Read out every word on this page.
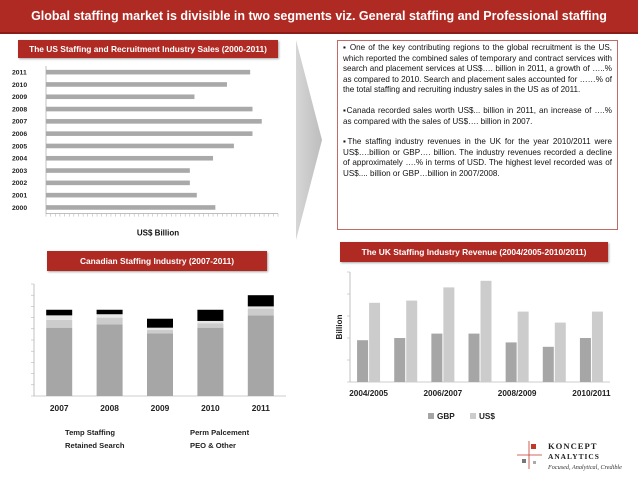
Global staffing market is divisible in two segments viz. General staffing and Professional staffing
The US Staffing and Recruitment Industry Sales (2000-2011)
2011
2010
2009
2008
2007
2006
2005
2004
2003
2002
2001
2000
US$ Billion

▪ One of the key contributing regions to the global recruitment is the US, which reported the combined sales of temporary and contract services with search and placement services at US$…. billion in 2011, a growth of …..% as compared to 2010. Search and placement sales accounted for ……% of the total staffing and recruiting industry sales in the US as of 2011.

▪Canada recorded sales worth US$... billion in 2011, an increase of ….% as compared with the sales of US$…. billion in 2007.

▪The staffing industry revenues in the UK for the year 2010/2011 were US$….billion or GBP…. billion. The industry revenues recorded a decline of approximately ….% in terms of USD. The highest level recorded was of US$.... billion or GBP…billion in 2007/2008.

Canadian Staffing Industry (2007-2011)
2007	2008	2009	2010	2011
Temp Staffing	Perm Palcement
Retained Search	PEO & Other
The UK Staffing Industry Revenue (2004/2005-2010/2011)
2004/2005	2006/2007	2008/2009	2010/2011
Billion
GBP	US$
KONCEPT
ANALYTICS
Focused, Analytical, Credible
